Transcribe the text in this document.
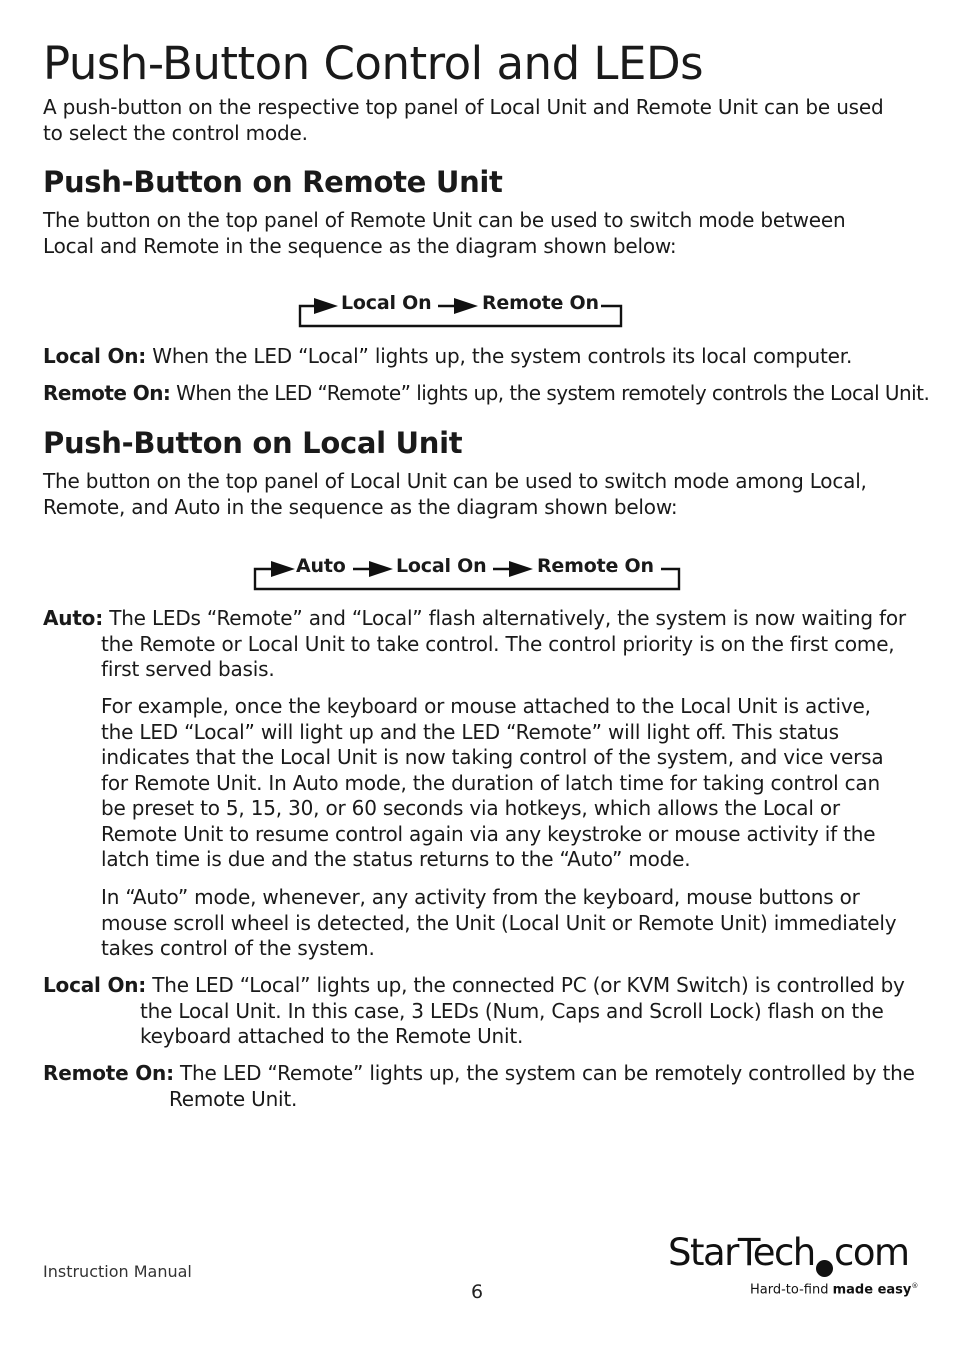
Push-Button Control and LEDs
A push-button on the respective top panel of Local Unit and Remote Unit can be used
to select the control mode.
Push-Button on Remote Unit
The button on the top panel of Remote Unit can be used to switch mode between
Local and Remote in the sequence as the diagram shown below:
Local On	Remote On
Local On: When the LED “Local” lights up, the system controls its local computer.
Remote On: When the LED “Remote” lights up, the system remotely controls the Local Unit.
Push-Button on Local Unit
The button on the top panel of Local Unit can be used to switch mode among Local,
Remote, and Auto in the sequence as the diagram shown below:
Auto	Local On	Remote On
Auto: The LEDs “Remote” and “Local” flash alternatively, the system is now waiting for
the Remote or Local Unit to take control. The control priority is on the first come,
first served basis.
For example, once the keyboard or mouse attached to the Local Unit is active,
the LED “Local” will light up and the LED “Remote” will light off. This status
indicates that the Local Unit is now taking control of the system, and vice versa
for Remote Unit. In Auto mode, the duration of latch time for taking control can
be preset to 5, 15, 30, or 60 seconds via hotkeys, which allows the Local or
Remote Unit to resume control again via any keystroke or mouse activity if the
latch time is due and the status returns to the “Auto” mode.
In “Auto” mode, whenever, any activity from the keyboard, mouse buttons or
mouse scroll wheel is detected, the Unit (Local Unit or Remote Unit) immediately
takes control of the system.
Local On: The LED “Local” lights up, the connected PC (or KVM Switch) is controlled by
the Local Unit. In this case, 3 LEDs (Num, Caps and Scroll Lock) flash on the
keyboard attached to the Remote Unit.
Remote On: The LED “Remote” lights up, the system can be remotely controlled by the
Remote Unit.
Instruction Manual
6
StarTech com
Hard-to-find made easy®
